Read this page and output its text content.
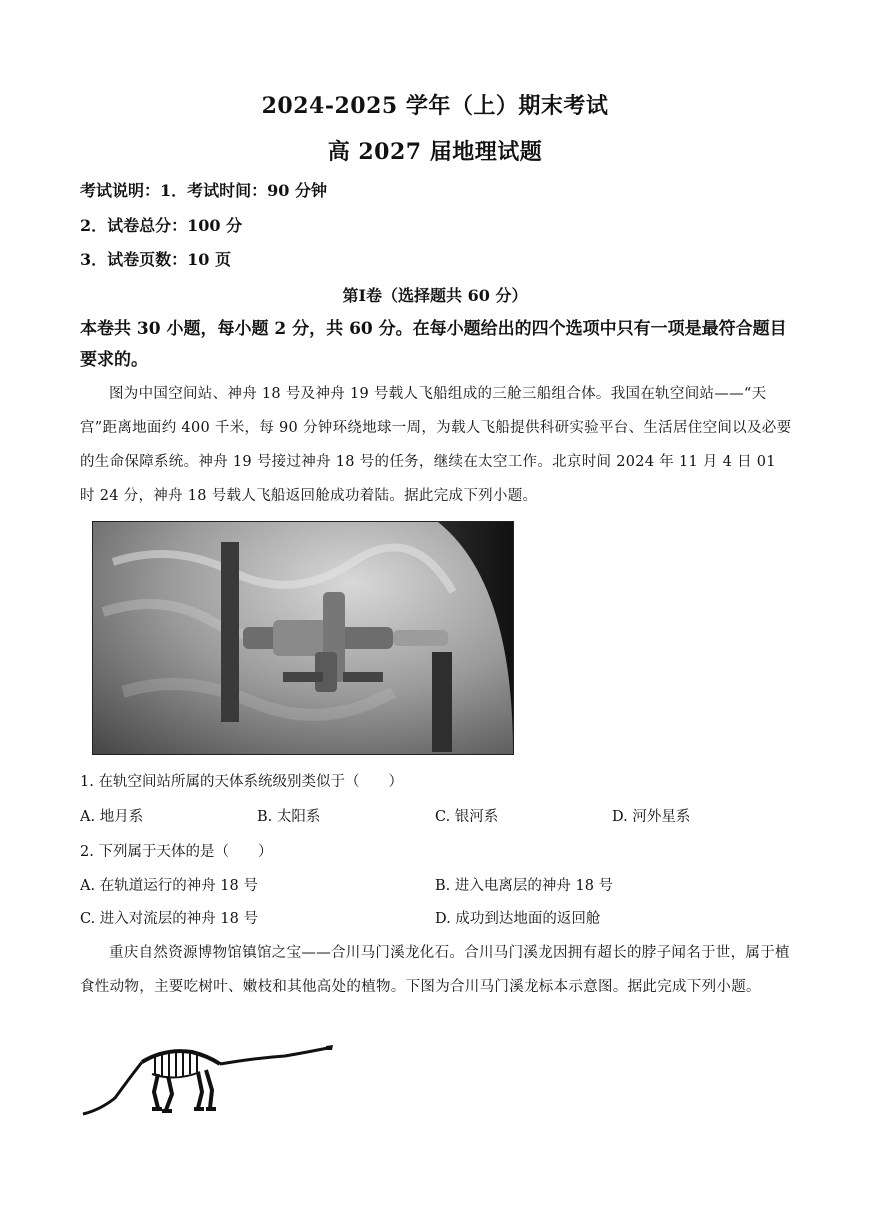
2024-2025 学年（上）期末考试
高 2027 届地理试题
考试说明：1．考试时间：90 分钟
2．试卷总分：100 分
3．试卷页数：10 页
第Ⅰ卷（选择题共 60 分）
本卷共 30 小题，每小题 2 分，共 60 分。在每小题给出的四个选项中只有一项是最符合题目要求的。
图为中国空间站、神舟 18 号及神舟 19 号载人飞船组成的三舱三船组合体。我国在轨空间站——“天宫”距离地面约 400 千米，每 90 分钟环绕地球一周，为载人飞船提供科研实验平台、生活居住空间以及必要的生命保障系统。神舟 19 号接过神舟 18 号的任务，继续在太空工作。北京时间 2024 年 11 月 4 日 01 时 24 分，神舟 18 号载人飞船返回舱成功着陆。据此完成下列小题。
1. 在轨空间站所属的天体系统级别类似于（　　）
A. 地月系	B. 太阳系	C. 银河系	D. 河外星系
2. 下列属于天体的是（　　）
A. 在轨道运行的神舟 18 号	B. 进入电离层的神舟 18 号
C. 进入对流层的神舟 18 号	D. 成功到达地面的返回舱
重庆自然资源博物馆镇馆之宝——合川马门溪龙化石。合川马门溪龙因拥有超长的脖子闻名于世，属于植食性动物，主要吃树叶、嫩枝和其他高处的植物。下图为合川马门溪龙标本示意图。据此完成下列小题。
